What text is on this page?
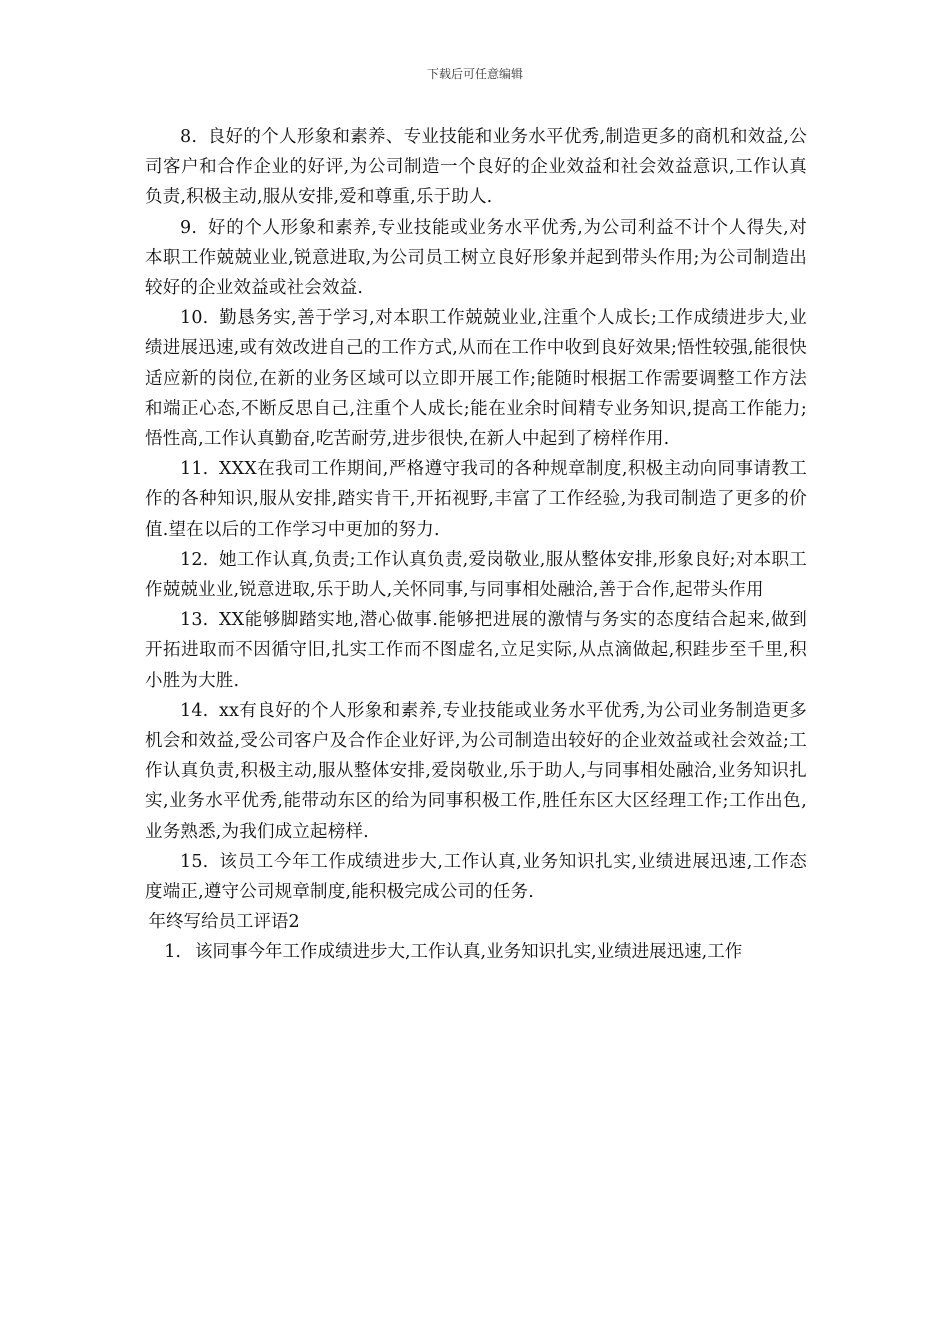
下载后可任意编辑

8. 良好的个人形象和素养、专业技能和业务水平优秀,制造更多的商机和效益,公司客户和合作企业的好评,为公司制造一个良好的企业效益和社会效益意识,工作认真负责,积极主动,服从安排,爱和尊重,乐于助人.

9. 好的个人形象和素养,专业技能或业务水平优秀,为公司利益不计个人得失,对本职工作兢兢业业,锐意进取,为公司员工树立良好形象并起到带头作用;为公司制造出较好的企业效益或社会效益.

10. 勤恳务实,善于学习,对本职工作兢兢业业,注重个人成长;工作成绩进步大,业绩进展迅速,或有效改进自己的工作方式,从而在工作中收到良好效果;悟性较强,能很快适应新的岗位,在新的业务区域可以立即开展工作;能随时根据工作需要调整工作方法和端正心态,不断反思自己,注重个人成长;能在业余时间精专业务知识,提高工作能力;悟性高,工作认真勤奋,吃苦耐劳,进步很快,在新人中起到了榜样作用.

11. XXX在我司工作期间,严格遵守我司的各种规章制度,积极主动向同事请教工作的各种知识,服从安排,踏实肯干,开拓视野,丰富了工作经验,为我司制造了更多的价值.望在以后的工作学习中更加的努力.

12. 她工作认真,负责;工作认真负责,爱岗敬业,服从整体安排,形象良好;对本职工作兢兢业业,锐意进取,乐于助人,关怀同事,与同事相处融洽,善于合作,起带头作用

13. XX能够脚踏实地,潜心做事.能够把进展的激情与务实的态度结合起来,做到开拓进取而不因循守旧,扎实工作而不图虚名,立足实际,从点滴做起,积跬步至千里,积小胜为大胜.

14. xx有良好的个人形象和素养,专业技能或业务水平优秀,为公司业务制造更多机会和效益,受公司客户及合作企业好评,为公司制造出较好的企业效益或社会效益;工作认真负责,积极主动,服从整体安排,爱岗敬业,乐于助人,与同事相处融洽,业务知识扎实,业务水平优秀,能带动东区的给为同事积极工作,胜任东区大区经理工作;工作出色,业务熟悉,为我们成立起榜样.

15. 该员工今年工作成绩进步大,工作认真,业务知识扎实,业绩进展迅速,工作态度端正,遵守公司规章制度,能积极完成公司的任务.

年终写给员工评语2

1. 该同事今年工作成绩进步大,工作认真,业务知识扎实,业绩进展迅速,工作
